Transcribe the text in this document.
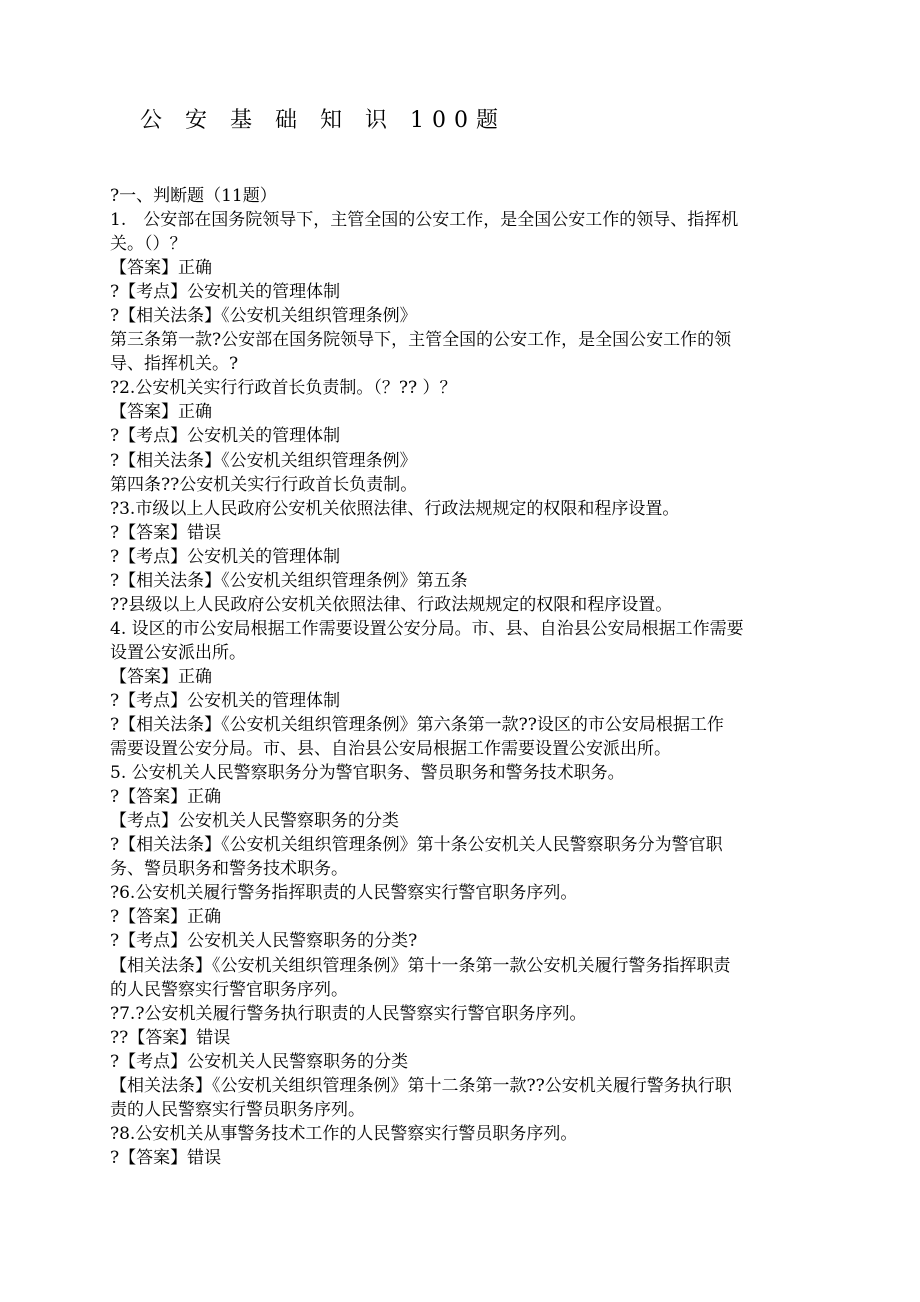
公 安 基 础 知 识 100题
?一、判断题（11题）
1.　公安部在国务院领导下，主管全国的公安工作，是全国公安工作的领导、指挥机
关。（）？
【答案】正确
?【考点】公安机关的管理体制
?【相关法条】《公安机关组织管理条例》
第三条第一款?公安部在国务院领导下，主管全国的公安工作，是全国公安工作的领
导、指挥机关。?
?2.公安机关实行行政首长负责制。（？?? ）？
【答案】正确
?【考点】公安机关的管理体制
?【相关法条】《公安机关组织管理条例》
第四条??公安机关实行行政首长负责制。
?3.市级以上人民政府公安机关依照法律、行政法规规定的权限和程序设置。
?【答案】错误
?【考点】公安机关的管理体制
?【相关法条】《公安机关组织管理条例》第五条
??县级以上人民政府公安机关依照法律、行政法规规定的权限和程序设置。
4. 设区的市公安局根据工作需要设置公安分局。市、县、自治县公安局根据工作需要
设置公安派出所。
【答案】正确
?【考点】公安机关的管理体制
?【相关法条】《公安机关组织管理条例》第六条第一款??设区的市公安局根据工作
需要设置公安分局。市、县、自治县公安局根据工作需要设置公安派出所。
5. 公安机关人民警察职务分为警官职务、警员职务和警务技术职务。
?【答案】正确
【考点】公安机关人民警察职务的分类
?【相关法条】《公安机关组织管理条例》第十条公安机关人民警察职务分为警官职
务、警员职务和警务技术职务。
?6.公安机关履行警务指挥职责的人民警察实行警官职务序列。
?【答案】正确
?【考点】公安机关人民警察职务的分类?
【相关法条】《公安机关组织管理条例》第十一条第一款公安机关履行警务指挥职责
的人民警察实行警官职务序列。
?7.?公安机关履行警务执行职责的人民警察实行警官职务序列。
??【答案】错误
?【考点】公安机关人民警察职务的分类
【相关法条】《公安机关组织管理条例》第十二条第一款??公安机关履行警务执行职
责的人民警察实行警员职务序列。
?8.公安机关从事警务技术工作的人民警察实行警员职务序列。
?【答案】错误
